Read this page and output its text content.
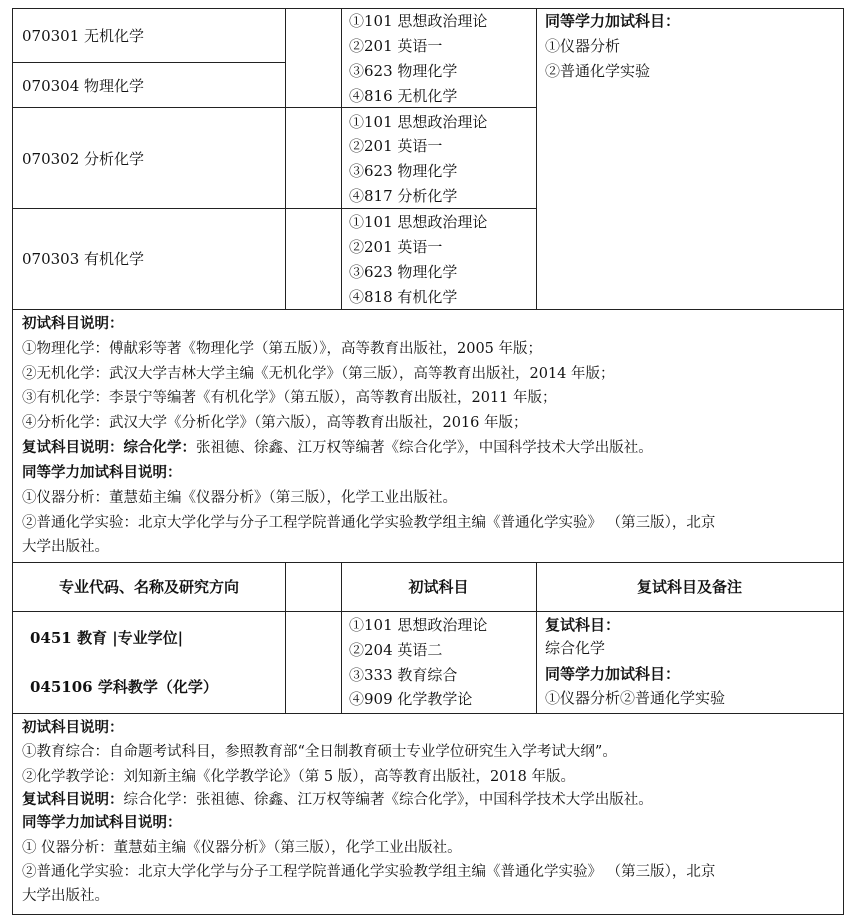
070301 无机化学
070304 物理化学
070302 分析化学
070303 有机化学
①101 思想政治理论
②201 英语一
③623 物理化学
④816 无机化学
①101 思想政治理论
②201 英语一
③623 物理化学
④817 分析化学
①101 思想政治理论
②201 英语一
③623 物理化学
④818 有机化学
同等学力加试科目：
①仪器分析
②普通化学实验
初试科目说明：
①物理化学：傅献彩等著《物理化学（第五版）》，高等教育出版社，2005 年版；
②无机化学：武汉大学吉林大学主编《无机化学》（第三版），高等教育出版社，2014 年版；
③有机化学：李景宁等编著《有机化学》（第五版），高等教育出版社，2011 年版；
④分析化学：武汉大学《分析化学》（第六版），高等教育出版社，2016 年版；
复试科目说明：综合化学：张祖德、徐鑫、江万权等编著《综合化学》，中国科学技术大学出版社。
同等学力加试科目说明：
①仪器分析：董慧茹主编《仪器分析》（第三版），化学工业出版社。
②普通化学实验：北京大学化学与分子工程学院普通化学实验教学组主编《普通化学实验》 （第三版），北京
大学出版社。
专业代码、名称及研究方向	初试科目	复试科目及备注
0451 教育 |专业学位|
045106 学科教学（化学）
①101 思想政治理论
②204 英语二
③333 教育综合
④909 化学教学论
复试科目：
综合化学
同等学力加试科目：
①仪器分析②普通化学实验
初试科目说明：
①教育综合：自命题考试科目，参照教育部“全日制教育硕士专业学位研究生入学考试大纲”。
②化学教学论：刘知新主编《化学教学论》（第 5 版），高等教育出版社，2018 年版。
复试科目说明：综合化学：张祖德、徐鑫、江万权等编著《综合化学》，中国科学技术大学出版社。
同等学力加试科目说明：
① 仪器分析：董慧茹主编《仪器分析》（第三版），化学工业出版社。
②普通化学实验：北京大学化学与分子工程学院普通化学实验教学组主编《普通化学实验》 （第三版），北京
大学出版社。
